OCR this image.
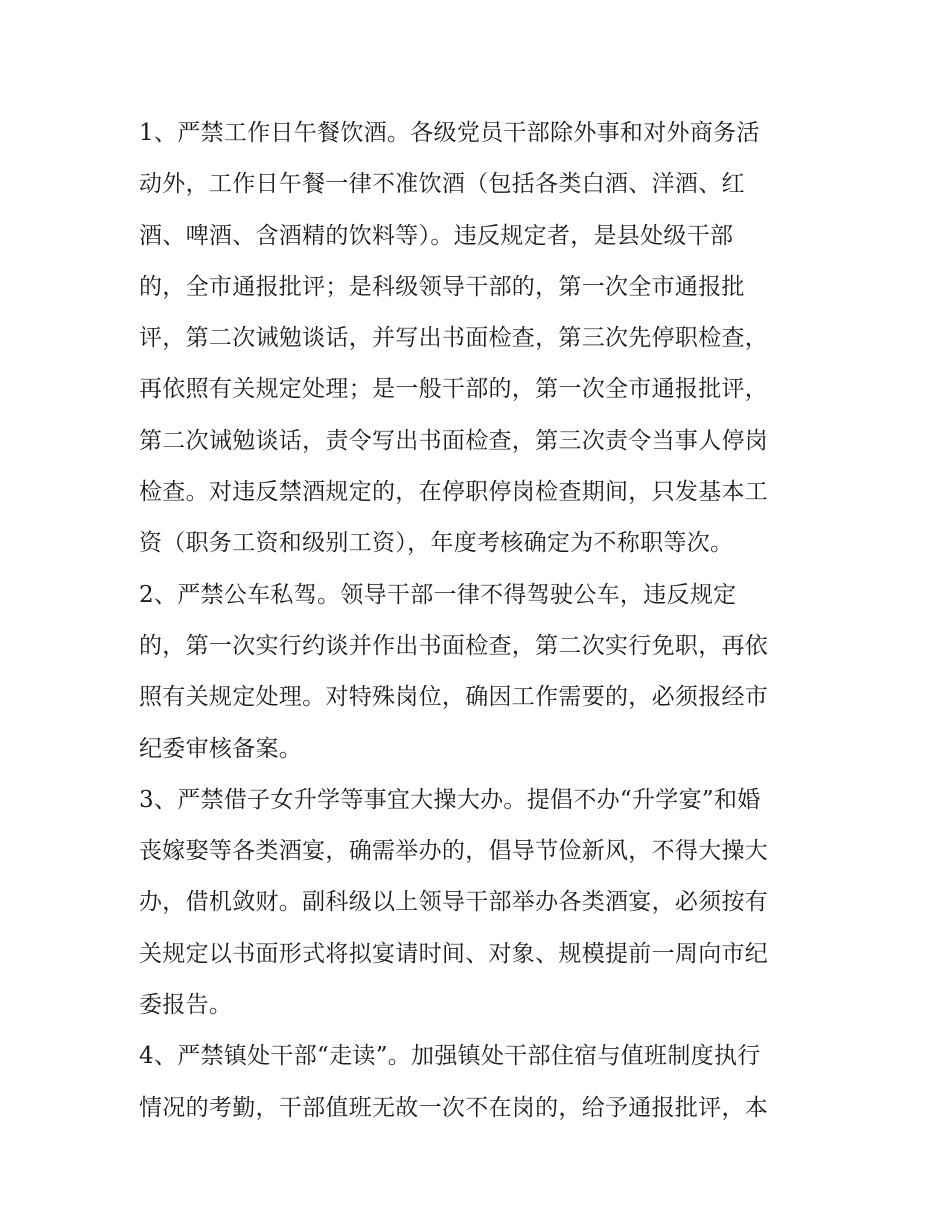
1、严禁工作日午餐饮酒。各级党员干部除外事和对外商务活
动外，工作日午餐一律不准饮酒（包括各类白酒、洋酒、红
酒、啤酒、含酒精的饮料等）。违反规定者，是县处级干部
的，全市通报批评；是科级领导干部的，第一次全市通报批
评，第二次诫勉谈话，并写出书面检查，第三次先停职检查，
再依照有关规定处理；是一般干部的，第一次全市通报批评，
第二次诫勉谈话，责令写出书面检查，第三次责令当事人停岗
检查。对违反禁酒规定的，在停职停岗检查期间，只发基本工
资（职务工资和级别工资），年度考核确定为不称职等次。
2、严禁公车私驾。领导干部一律不得驾驶公车，违反规定
的，第一次实行约谈并作出书面检查，第二次实行免职，再依
照有关规定处理。对特殊岗位，确因工作需要的，必须报经市
纪委审核备案。
3、严禁借子女升学等事宜大操大办。提倡不办“升学宴”和婚
丧嫁娶等各类酒宴，确需举办的，倡导节俭新风，不得大操大
办，借机敛财。副科级以上领导干部举办各类酒宴，必须按有
关规定以书面形式将拟宴请时间、对象、规模提前一周向市纪
委报告。
4、严禁镇处干部“走读”。加强镇处干部住宿与值班制度执行
情况的考勤，干部值班无故一次不在岗的，给予通报批评，本
